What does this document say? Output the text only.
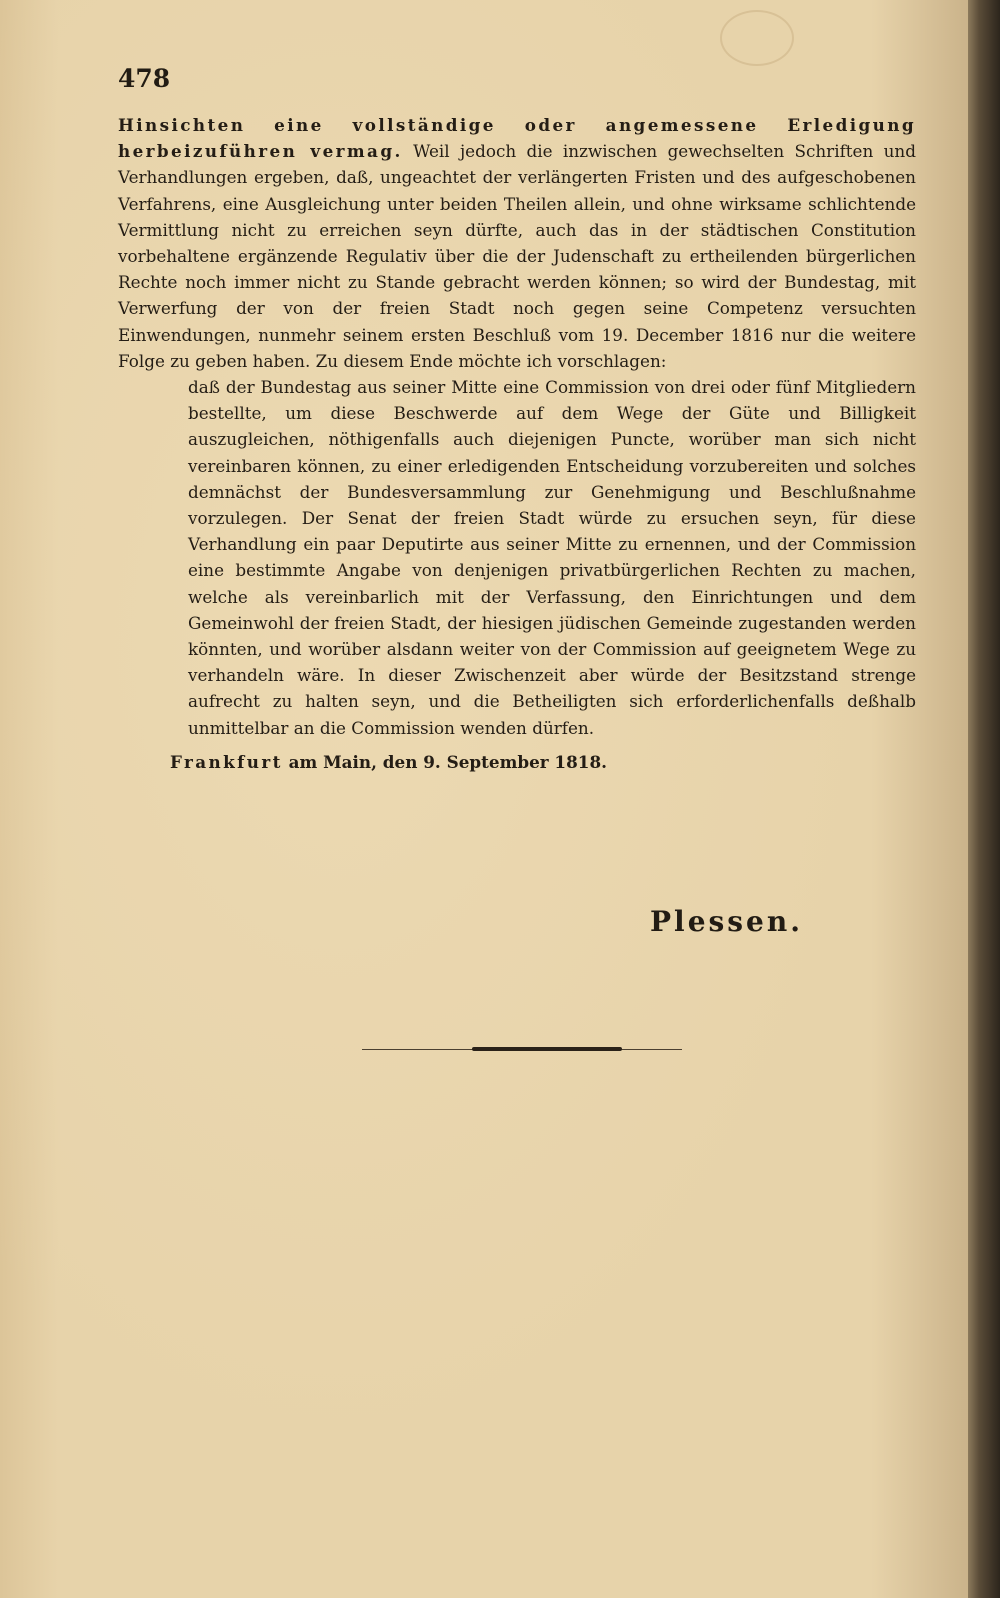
478

Hinsichten eine vollständige oder angemessene Erledigung herbeizuführen vermag. Weil jedoch die inzwischen gewechselten Schriften und Verhandlungen ergeben, daß, ungeachtet der verlängerten Fristen und des aufgeschobenen Verfahrens, eine Ausgleichung unter beiden Theilen allein, und ohne wirksame schlichtende Vermittlung nicht zu erreichen seyn dürfte, auch das in der städtischen Constitution vorbehaltene ergänzende Regulativ über die der Judenschaft zu ertheilenden bürgerlichen Rechte noch immer nicht zu Stande gebracht werden können; so wird der Bundestag, mit Verwerfung der von der freien Stadt noch gegen seine Competenz versuchten Einwendungen, nunmehr seinem ersten Beschluß vom 19. December 1816 nur die weitere Folge zu geben haben. Zu diesem Ende möchte ich vorschlagen:

daß der Bundestag aus seiner Mitte eine Commission von drei oder fünf Mitgliedern bestellte, um diese Beschwerde auf dem Wege der Güte und Billigkeit auszugleichen, nöthigenfalls auch diejenigen Puncte, worüber man sich nicht vereinbaren können, zu einer erledigenden Entscheidung vorzubereiten und solches demnächst der Bundesversammlung zur Genehmigung und Beschlußnahme vorzulegen. Der Senat der freien Stadt würde zu ersuchen seyn, für diese Verhandlung ein paar Deputirte aus seiner Mitte zu ernennen, und der Commission eine bestimmte Angabe von denjenigen privatbürgerlichen Rechten zu machen, welche als vereinbarlich mit der Verfassung, den Einrichtungen und dem Gemeinwohl der freien Stadt, der hiesigen jüdischen Gemeinde zugestanden werden könnten, und worüber alsdann weiter von der Commission auf geeignetem Wege zu verhandeln wäre. In dieser Zwischenzeit aber würde der Besitzstand strenge aufrecht zu halten seyn, und die Betheiligten sich erforderlichenfalls deßhalb unmittelbar an die Commission wenden dürfen.

Frankfurt am Main, den 9. September 1818.

Plessen.
